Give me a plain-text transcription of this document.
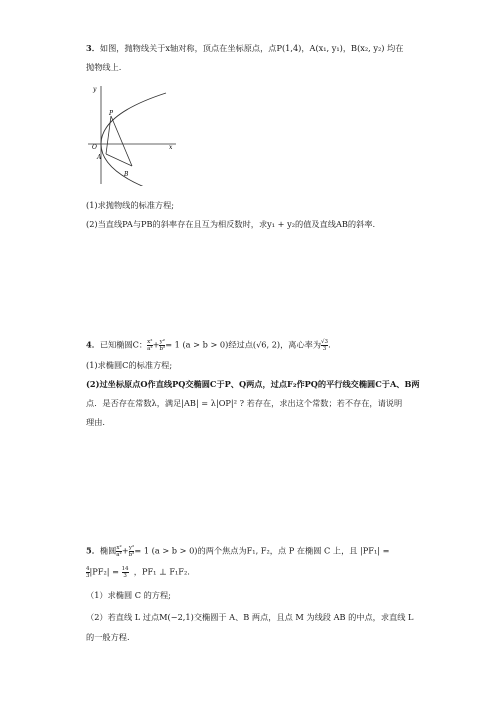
3．如图，抛物线关于x轴对称，顶点在坐标原点，点P(1,4)，A(x₁, y₁)，B(x₂, y₂) 均在
抛物线上.
y
x
O
P
A
B
(1)求抛物线的标准方程;
(2)当直线PA与PB的斜率存在且互为相反数时，求y₁ + y₂的值及直线AB的斜率.
4．已知椭圆C： $\frac{\text{x²}}{\text{a²}} + \frac{\text{y²}}{\text{b²}} = 1$ (a > b > 0)经过点(√6, 2)，离心率为 $\frac{√3}{3}$ .
(1)求椭圆C的标准方程;
(2)过坐标原点O作直线PQ交椭圆C于P、Q两点，过点F₂作PQ的平行线交椭圆C于A、B两
点．是否存在常数λ，满足|AB| = λ|OP|² ? 若存在，求出这个常数；若不存在，请说明
理由.
5．椭圆 $\frac{\text{x²}}{\text{a²}} + \frac{\text{y²}}{\text{b²}} = 1$ (a > b > 0)的两个焦点为F₁, F₂，点 P 在椭圆 C 上，且 |PF₁| =
$\frac{4}{3} |PF_2| = \frac{14}{3}$ ，PF₁ ⊥ F₁F₂.
（1）求椭圆 C 的方程;
（2）若直线 L 过点M(−2,1)交椭圆于 A、B 两点，且点 M 为线段 AB 的中点，求直线 L
的一般方程.
